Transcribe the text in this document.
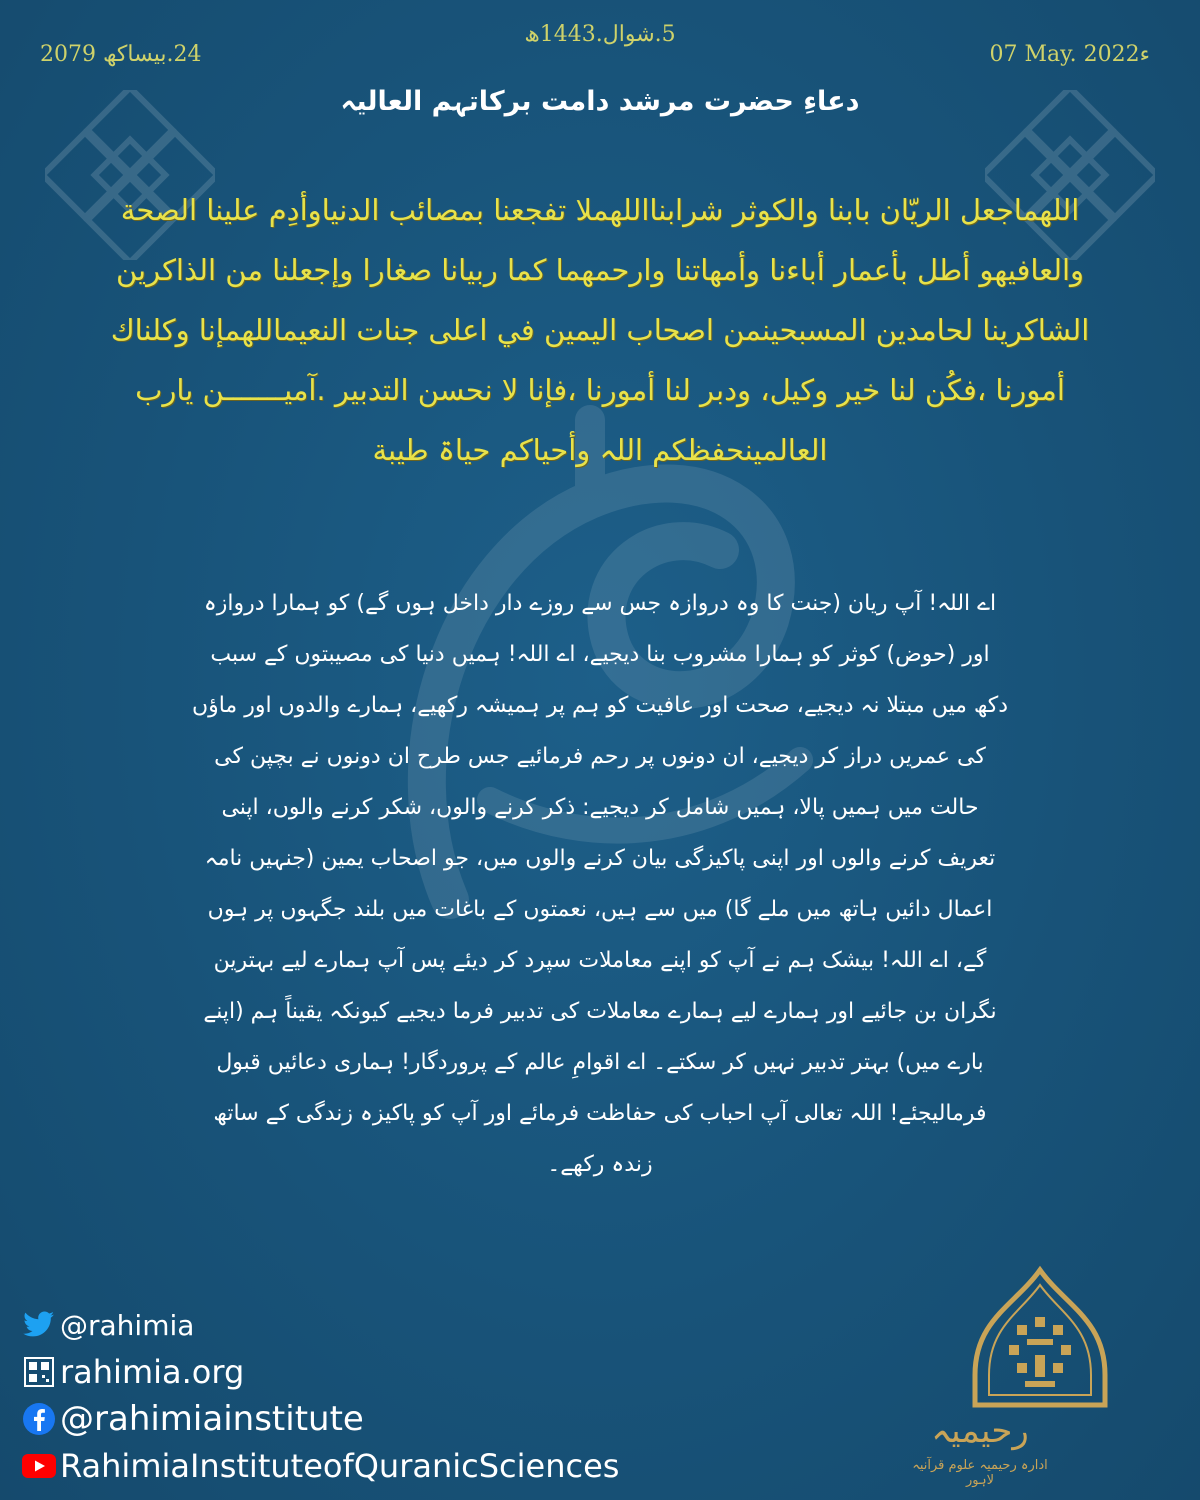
07 May. 2022ء
5.شوال.1443ھ
24.بیساکھ 2079
دعاءِ حضرت مرشد دامت برکاتہم العالیہ
اللھماجعل الريّان بابنا والکوثر شرابنااللھملا تفجعنا بمصائب الدنیاوأدِم علینا الصحة والعافیهو أطل بأعمار أباءنا وأمهاتنا وارحمهما كما ربيانا صغارا وإجعلنا من الذاكرين الشاكرينا لحامدين المسبحينمن اصحاب اليمين في اعلی جنات النعيماللهمإنا وكلناك أمورنا ،فكُن لنا خير وکیل، ودبر لنا أمورنا ،فإنا لا نحسن التدبير .آمیـــــــن یارب العالمینحفظکم اللہ وأحیاکم حیاۃ طیبة
اے اللہ! آپ ریان (جنت کا وہ دروازہ جس سے روزے دار داخل ہوں گے) کو ہمارا دروازہ اور (حوض) کوثر کو ہمارا مشروب بنا دیجیے، اے اللہ! ہمیں دنیا کی مصیبتوں کے سبب دکھ میں مبتلا نہ دیجیے، صحت اور عافیت کو ہم پر ہمیشہ رکھیے، ہمارے والدوں اور ماؤں کی عمریں دراز کر دیجیے، ان دونوں پر رحم فرمائیے جس طرح ان دونوں نے بچپن کی حالت میں ہمیں پالا، ہمیں شامل کر دیجیے: ذکر کرنے والوں، شکر کرنے والوں، اپنی تعریف کرنے والوں اور اپنی پاکیزگی بیان کرنے والوں میں، جو اصحاب یمین (جنہیں نامہ اعمال دائیں ہاتھ میں ملے گا) میں سے ہیں، نعمتوں کے باغات میں بلند جگہوں پر ہوں گے، اے اللہ! بیشک ہم نے آپ کو اپنے معاملات سپرد کر دیئے پس آپ ہمارے لیے بہترین نگران بن جائیے اور ہمارے لیے ہمارے معاملات کی تدبیر فرما دیجیے کیونکہ یقیناً ہم (اپنے بارے میں) بہتر تدبیر نہیں کر سکتے۔ اے اقوامِ عالم کے پروردگار! ہماری دعائیں قبول فرمالیجئے! اللہ تعالی آپ احباب کی حفاظت فرمائے اور آپ کو پاکیزہ زندگی کے ساتھ زندہ رکھے۔
@rahimia
rahimia.org
@rahimiainstitute
RahimiaInstituteofQuranicSciences
رحیمیہ
ادارہ رحیمیہ علوم قرآنیہ لاہور
